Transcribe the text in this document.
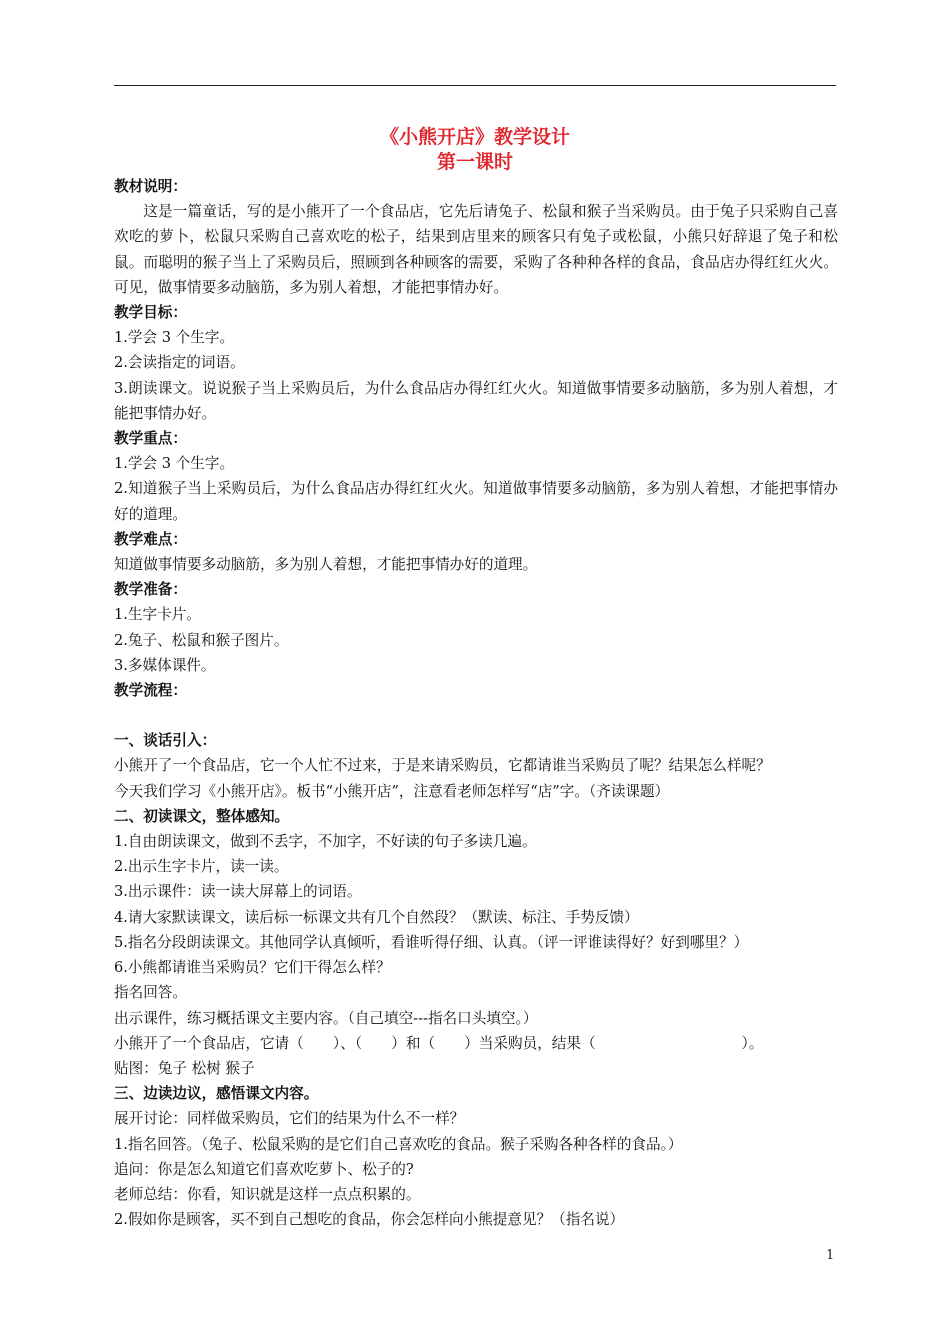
《小熊开店》教学设计
第一课时

教材说明：

这是一篇童话，写的是小熊开了一个食品店，它先后请兔子、松鼠和猴子当采购员。由于兔子只采购自己喜欢吃的萝卜，松鼠只采购自己喜欢吃的松子，结果到店里来的顾客只有兔子或松鼠，小熊只好辞退了兔子和松鼠。而聪明的猴子当上了采购员后，照顾到各种顾客的需要，采购了各种种各样的食品，食品店办得红红火火。可见，做事情要多动脑筋，多为别人着想，才能把事情办好。

教学目标：

1.学会 3 个生字。

2.会读指定的词语。

3.朗读课文。说说猴子当上采购员后，为什么食品店办得红红火火。知道做事情要多动脑筋，多为别人着想，才能把事情办好。

教学重点：

1.学会 3 个生字。

2.知道猴子当上采购员后，为什么食品店办得红红火火。知道做事情要多动脑筋，多为别人着想，才能把事情办好的道理。

教学难点：

知道做事情要多动脑筋，多为别人着想，才能把事情办好的道理。

教学准备：

1.生字卡片。

2.兔子、松鼠和猴子图片。

3.多媒体课件。

教学流程：

一、谈话引入：

小熊开了一个食品店，它一个人忙不过来，于是来请采购员，它都请谁当采购员了呢？结果怎么样呢？

今天我们学习《小熊开店》。板书“小熊开店”，注意看老师怎样写“店”字。（齐读课题）

二、初读课文，整体感知。

1.自由朗读课文，做到不丢字，不加字，不好读的句子多读几遍。

2.出示生字卡片，读一读。

3.出示课件：读一读大屏幕上的词语。

4.请大家默读课文，读后标一标课文共有几个自然段？（默读、标注、手势反馈）

5.指名分段朗读课文。其他同学认真倾听，看谁听得仔细、认真。（评一评谁读得好？好到哪里？）

6.小熊都请谁当采购员？它们干得怎么样？

指名回答。

出示课件，练习概括课文主要内容。（自己填空---指名口头填空。）

小熊开了一个食品店，它请（　　）、（　　）和（　　）当采购员，结果（　　　　　　　　　　）。

贴图：兔子 松树 猴子

三、边读边议，感悟课文内容。

展开讨论：同样做采购员，它们的结果为什么不一样？

1.指名回答。（兔子、松鼠采购的是它们自己喜欢吃的食品。猴子采购各种各样的食品。）

追问：你是怎么知道它们喜欢吃萝卜、松子的?

老师总结：你看，知识就是这样一点点积累的。

2.假如你是顾客，买不到自己想吃的食品，你会怎样向小熊提意见？（指名说）

1
